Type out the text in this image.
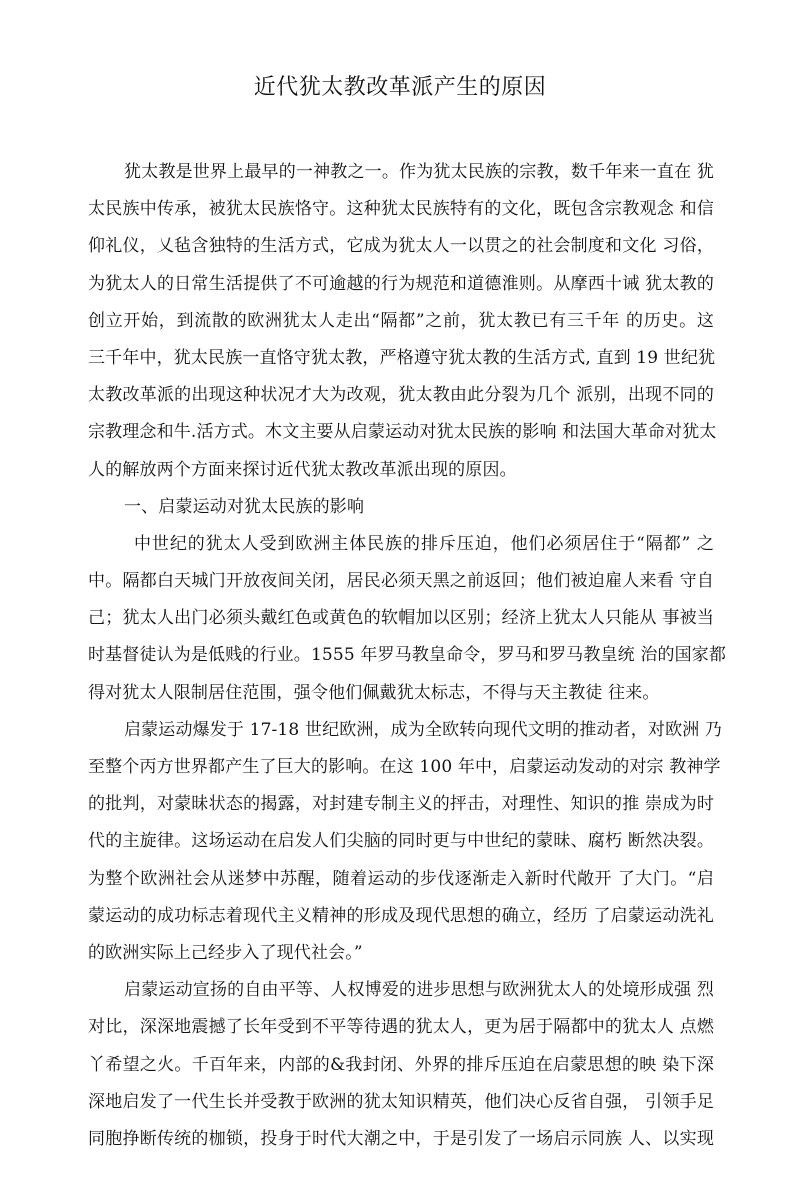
近代犹太教改革派产生的原因
犹太教是世界上最早的一神教之一。作为犹太民族的宗教，数千年来一直在 犹
太民族中传承，被犹太民族恪守。这种犹太民族特有的文化，既包含宗教观念 和信
仰礼仪，乂毡含独特的生活方式，它成为犹太人一以贯之的社会制度和文化 习俗，
为犹太人的日常生活提供了不可逾越的行为规范和道德淮则。从摩西十诫 犹太教的
创立开始，到流散的欧洲犹太人走出“隔都”之前，犹太教已有三千年 的历史。这
三千年中，犹太民族一直恪守犹太教，严格遵守犹太教的生活方式, 直到 19 世纪犹
太教改革派的出现这种状况才大为改观，犹太教由此分裂为几个 派别，出现不同的
宗教理念和牛.活方式。木文主要从启蒙运动对犹太民族的影响 和法国大革命对犹太
人的解放两个方面来探讨近代犹太教改革派出现的原因。
一、启蒙运动对犹太民族的影响
中世纪的犹太人受到欧洲主体民族的排斥压迫，他们必须居住于“隔都” 之
中。隔都白天城门开放夜间关闭，居民必须天黑之前返回；他们被迫雇人来看 守自
己；犹太人出门必须头戴红色或黄色的软帽加以区别；经济上犹太人只能从 事被当
时基督徒认为是低贱的行业。1555 年罗马教皇命令，罗马和罗马教皇统 治的国家都
得对犹太人限制居住范围，强令他们佩戴犹太标志，不得与天主教徒 往来。
启蒙运动爆发于 17-18 世纪欧洲，成为全欧转向现代文明的推动者，对欧洲 乃
至整个丙方世界都产生了巨大的影响。在这 100 年中，启蒙运动发动的对宗 教神学
的批判，对蒙昧状态的揭露，对封建专制主义的抨击，对理性、知识的推 崇成为时
代的主旋律。这场运动在启发人们尖脑的同时更与中世纪的蒙昧、腐朽 断然决裂。
为整个欧洲社会从迷梦中苏醒，随着运动的步伐逐渐走入新时代敞开 了大门。“启
蒙运动的成功标志着现代主义精神的形成及现代思想的确立，经历 了启蒙运动洗礼
的欧洲实际上己经步入了现代社会。”
启蒙运动宣扬的自由平等、人权博爱的进步思想与欧洲犹太人的处境形成强 烈
对比，深深地震撼了长年受到不平等待遇的犹太人，更为居于隔都中的犹太人 点燃
丫希望之火。千百年来，内部的&我封闭、外界的排斥压迫在启蒙思想的映 染下深
深地启发了一代生长并受教于欧洲的犹太知识精英，他们决心反省自强， 引领手足
同胞挣断传统的枷锁，投身于时代大潮之中，于是引发了一场启示同族 人、以实现
